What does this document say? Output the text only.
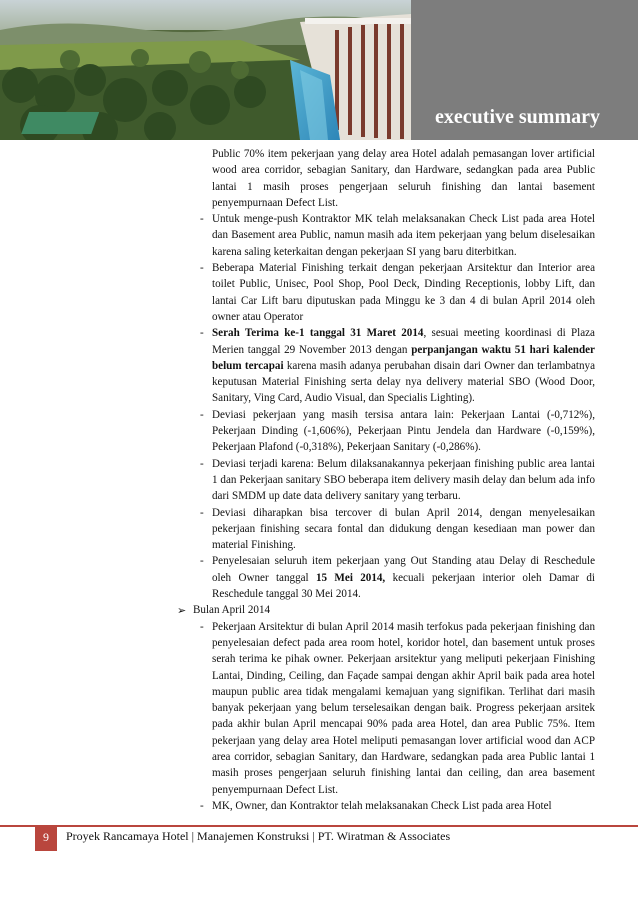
executive summary
Public 70% item pekerjaan yang delay area Hotel adalah pemasangan lover artificial wood area corridor, sebagian Sanitary, dan Hardware, sedangkan pada area Public lantai 1 masih proses pengerjaan seluruh finishing dan lantai basement penyempurnaan Defect List.
- Untuk menge-push Kontraktor MK telah melaksanakan Check List pada area Hotel dan Basement area Public, namun masih ada item pekerjaan yang belum diselesaikan karena saling keterkaitan dengan pekerjaan SI yang baru diterbitkan.
- Beberapa Material Finishing terkait dengan pekerjaan Arsitektur dan Interior area toilet Public, Unisec, Pool Shop, Pool Deck, Dinding Receptionis, lobby Lift, dan lantai Car Lift baru diputuskan pada Minggu ke 3 dan 4 di bulan April 2014 oleh owner atau Operator
- Serah Terima ke-1 tanggal 31 Maret 2014, sesuai meeting koordinasi di Plaza Merien tanggal 29 November 2013 dengan perpanjangan waktu 51 hari kalender belum tercapai karena masih adanya perubahan disain dari Owner dan terlambatnya keputusan Material Finishing serta delay nya delivery material SBO (Wood Door, Sanitary, Ving Card, Audio Visual, dan Specialis Lighting).
- Deviasi pekerjaan yang masih tersisa antara lain: Pekerjaan Lantai (-0,712%), Pekerjaan Dinding (-1,606%), Pekerjaan Pintu Jendela dan Hardware (-0,159%), Pekerjaan Plafond (-0,318%), Pekerjaan Sanitary (-0,286%).
- Deviasi terjadi karena: Belum dilaksanakannya pekerjaan finishing public area lantai 1 dan Pekerjaan sanitary SBO beberapa item delivery masih delay dan belum ada info dari SMDM up date data delivery sanitary yang terbaru.
- Deviasi diharapkan bisa tercover di bulan April 2014, dengan menyelesaikan pekerjaan finishing secara fontal dan didukung dengan kesediaan man power dan material Finishing.
- Penyelesaian seluruh item pekerjaan yang Out Standing atau Delay di Reschedule oleh Owner tanggal 15 Mei 2014, kecuali pekerjaan interior oleh Damar di Reschedule tanggal 30 Mei 2014.
➢ Bulan April 2014
- Pekerjaan Arsitektur di bulan April 2014 masih terfokus pada pekerjaan finishing dan penyelesaian defect pada area room hotel, koridor hotel, dan basement untuk proses serah terima ke pihak owner. Pekerjaan arsitektur yang meliputi pekerjaan Finishing Lantai, Dinding, Ceiling, dan Façade sampai dengan akhir April baik pada area hotel maupun public area tidak mengalami kemajuan yang signifikan. Terlihat dari masih banyak pekerjaan yang belum terselesaikan dengan baik. Progress pekerjaan arsitek pada akhir bulan April mencapai 90% pada area Hotel, dan area Public 75%. Item pekerjaan yang delay area Hotel meliputi pemasangan lover artificial wood dan ACP area corridor, sebagian Sanitary, dan Hardware, sedangkan pada area Public lantai 1 masih proses pengerjaan seluruh finishing lantai dan ceiling, dan area basement penyempurnaan Defect List.
- MK, Owner, dan Kontraktor telah melaksanakan Check List pada area Hotel
9	Proyek Rancamaya Hotel | Manajemen Konstruksi | PT. Wiratman & Associates
